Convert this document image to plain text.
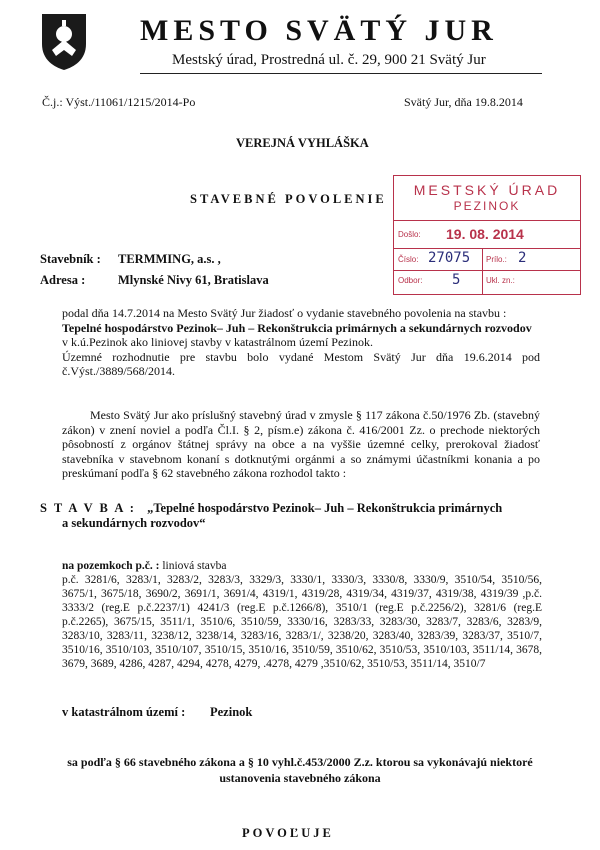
MESTO SVÄTÝ JUR
Mestský úrad, Prostredná ul. č. 29, 900 21 Svätý Jur
Č.j.: Výst./11061/1215/2014-Po	Svätý Jur, dňa 19.8.2014
VEREJNÁ VYHLÁŠKA
STAVEBNÉ POVOLENIE
MESTSKÝ ÚRAD
PEZINOK
Došlo: 19. 08. 2014
Číslo: 27075 Prílo.: 2
Odbor: 5	Ukl. zn.:
Stavebník : TERMMING, a.s. ,
Adresa :	Mlynské Nivy 61, Bratislava

podal dňa 14.7.2014 na Mesto Svätý Jur žiadosť o vydanie stavebného povolenia na stavbu :

Tepelné hospodárstvo Pezinok– Juh – Rekonštrukcia primárnych a sekundárnych rozvodov

v k.ú.Pezinok ako liniovej stavby v katastrálnom území Pezinok.

Územné rozhodnutie pre stavbu bolo vydané Mestom Svätý Jur dňa 19.6.2014 pod č.Výst./3889/568/2014.

Mesto Svätý Jur ako príslušný stavebný úrad v zmysle § 117 zákona č.50/1976 Zb. (stavebný zákon) v znení noviel a podľa Čl.I. § 2, písm.e) zákona č. 416/2001 Zz. o prechode niektorých pôsobností z orgánov štátnej správy na obce a na vyššie územné celky, prerokoval žiadosť stavebníka v stavebnom konaní s dotknutými orgánmi a so známymi účastníkmi konania a po preskúmaní podľa § 62 stavebného zákona rozhodol takto :

S T A V B A : „Tepelné hospodárstvo Pezinok– Juh – Rekonštrukcia primárnych
a sekundárnych rozvodov“
na pozemkoch p.č. : liniová stavba
p.č. 3281/6, 3283/1, 3283/2, 3283/3, 3329/3, 3330/1, 3330/3, 3330/8, 3330/9, 3510/54, 3510/56, 3675/1, 3675/18, 3690/2, 3691/1, 3691/4, 4319/1, 4319/28, 4319/34, 4319/37, 4319/38, 4319/39 ,p.č. 3333/2 (reg.E p.č.2237/1) 4241/3 (reg.E p.č.1266/8), 3510/1 (reg.E p.č.2256/2), 3281/6 (reg.E p.č.2265), 3675/15, 3511/1, 3510/6, 3510/59, 3330/16, 3283/33, 3283/30, 3283/7, 3283/6, 3283/9, 3283/10, 3283/11, 3238/12, 3238/14, 3283/16, 3283/1/, 3238/20, 3283/40, 3283/39, 3283/37, 3510/7, 3510/16, 3510/103, 3510/107, 3510/15, 3510/16, 3510/59, 3510/62, 3510/53, 3510/103, 3511/14, 3678, 3679, 3689, 4286, 4287, 4294, 4278, 4279, .4278, 4279 ,3510/62, 3510/53, 3511/14, 3510/7
v katastrálnom území : Pezinok
sa podľa § 66 stavebného zákona a § 10 vyhl.č.453/2000 Z.z. ktorou sa vykonávajú niektoré
ustanovenia stavebného zákona
POVOĽUJE
